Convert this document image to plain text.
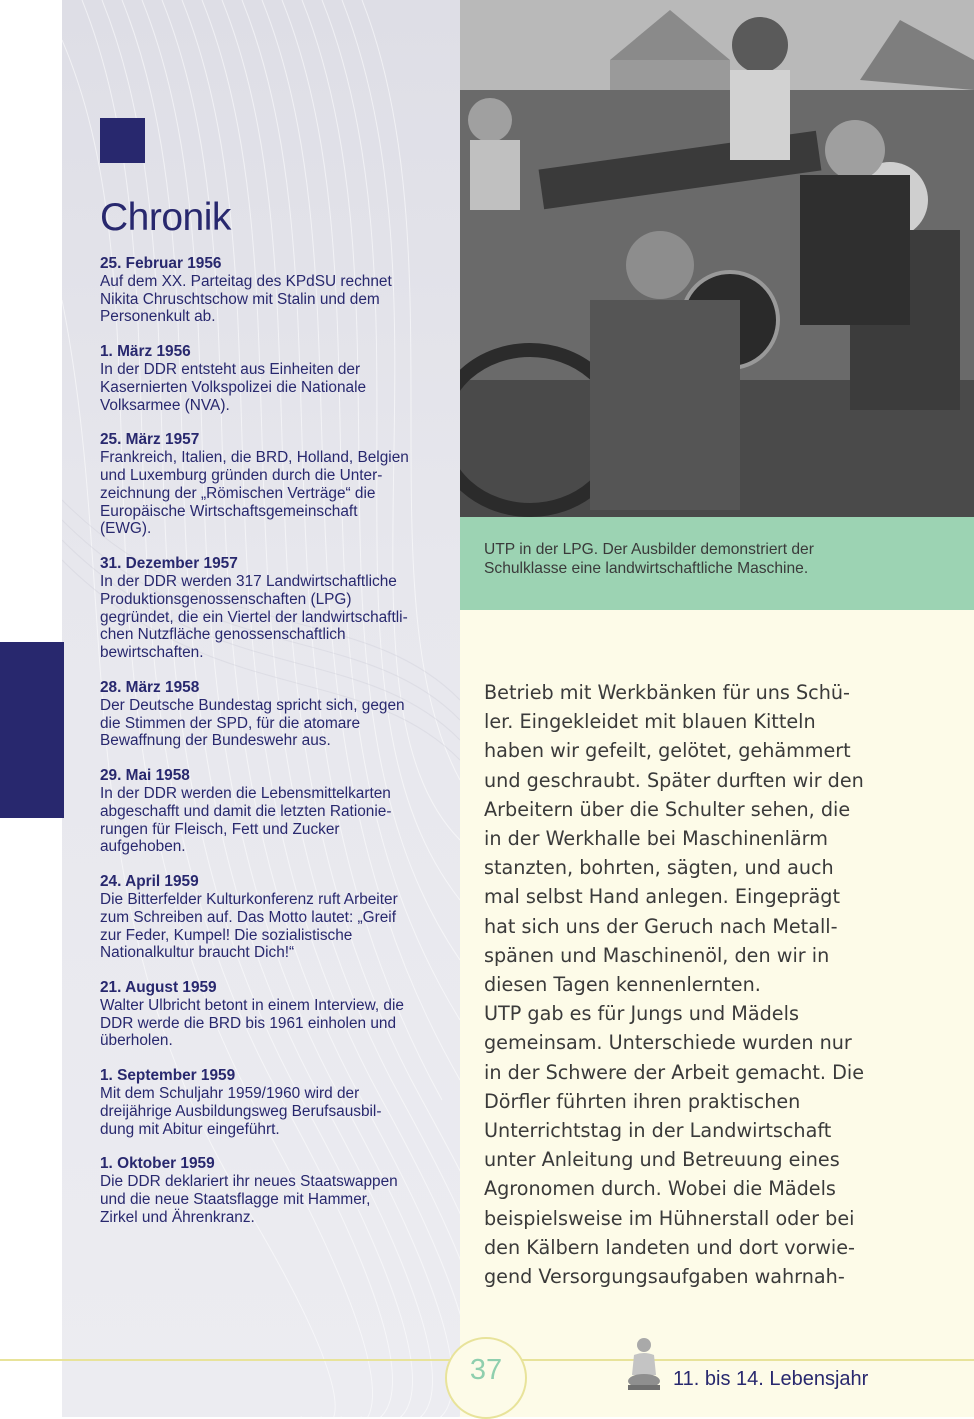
Chronik
25. Februar 1956
Auf dem XX. Parteitag des KPdSU rechnet
Nikita Chruschtschow mit Stalin und dem
Personenkult ab.
1. März 1956
In der DDR entsteht aus Einheiten der
Kasernierten Volkspolizei die Nationale
Volksarmee (NVA).
25. März 1957
Frankreich, Italien, die BRD, Holland, Belgien
und Luxemburg gründen durch die Unter-
zeichnung der „Römischen Verträge“ die
Europäische Wirtschaftsgemeinschaft
(EWG).
31. Dezember 1957
In der DDR werden 317 Landwirtschaftliche
Produktionsgenossenschaften (LPG)
gegründet, die ein Viertel der landwirtschaftli-
chen Nutzfläche genossenschaftlich
bewirtschaften.
28. März 1958
Der Deutsche Bundestag spricht sich, gegen
die Stimmen der SPD, für die atomare
Bewaffnung der Bundeswehr aus.
29. Mai 1958
In der DDR werden die Lebensmittelkarten
abgeschafft und damit die letzten Rationie-
rungen für Fleisch, Fett und Zucker
aufgehoben.
24. April 1959
Die Bitterfelder Kulturkonferenz ruft Arbeiter
zum Schreiben auf. Das Motto lautet: „Greif
zur Feder, Kumpel! Die sozialistische
Nationalkultur braucht Dich!“
21. August 1959
Walter Ulbricht betont in einem Interview, die
DDR werde die BRD bis 1961 einholen und
überholen.
1. September 1959
Mit dem Schuljahr 1959/1960 wird der
dreijährige Ausbildungsweg Berufsausbil-
dung mit Abitur eingeführt.
1. Oktober 1959
Die DDR deklariert ihr neues Staatswappen
und die neue Staatsflagge mit Hammer,
Zirkel und Ährenkranz.
UTP in der LPG. Der Ausbilder demonstriert der
Schulklasse eine landwirtschaftliche Maschine.
Betrieb mit Werkbänken für uns Schü-
ler. Eingekleidet mit blauen Kitteln
haben wir gefeilt, gelötet, gehämmert
und geschraubt. Später durften wir den
Arbeitern über die Schulter sehen, die
in der Werkhalle bei Maschinenlärm
stanzten, bohrten, sägten, und auch
mal selbst Hand anlegen. Eingeprägt
hat sich uns der Geruch nach Metall-
spänen und Maschinenöl, den wir in
diesen Tagen kennenlernten.
UTP gab es für Jungs und Mädels
gemeinsam. Unterschiede wurden nur
in der Schwere der Arbeit gemacht. Die
Dörfler führten ihren praktischen
Unterrichtstag in der Landwirtschaft
unter Anleitung und Betreuung eines
Agronomen durch. Wobei die Mädels
beispielsweise im Hühnerstall oder bei
den Kälbern landeten und dort vorwie-
gend Versorgungsaufgaben wahrnah-
37	11. bis 14. Lebensjahr
